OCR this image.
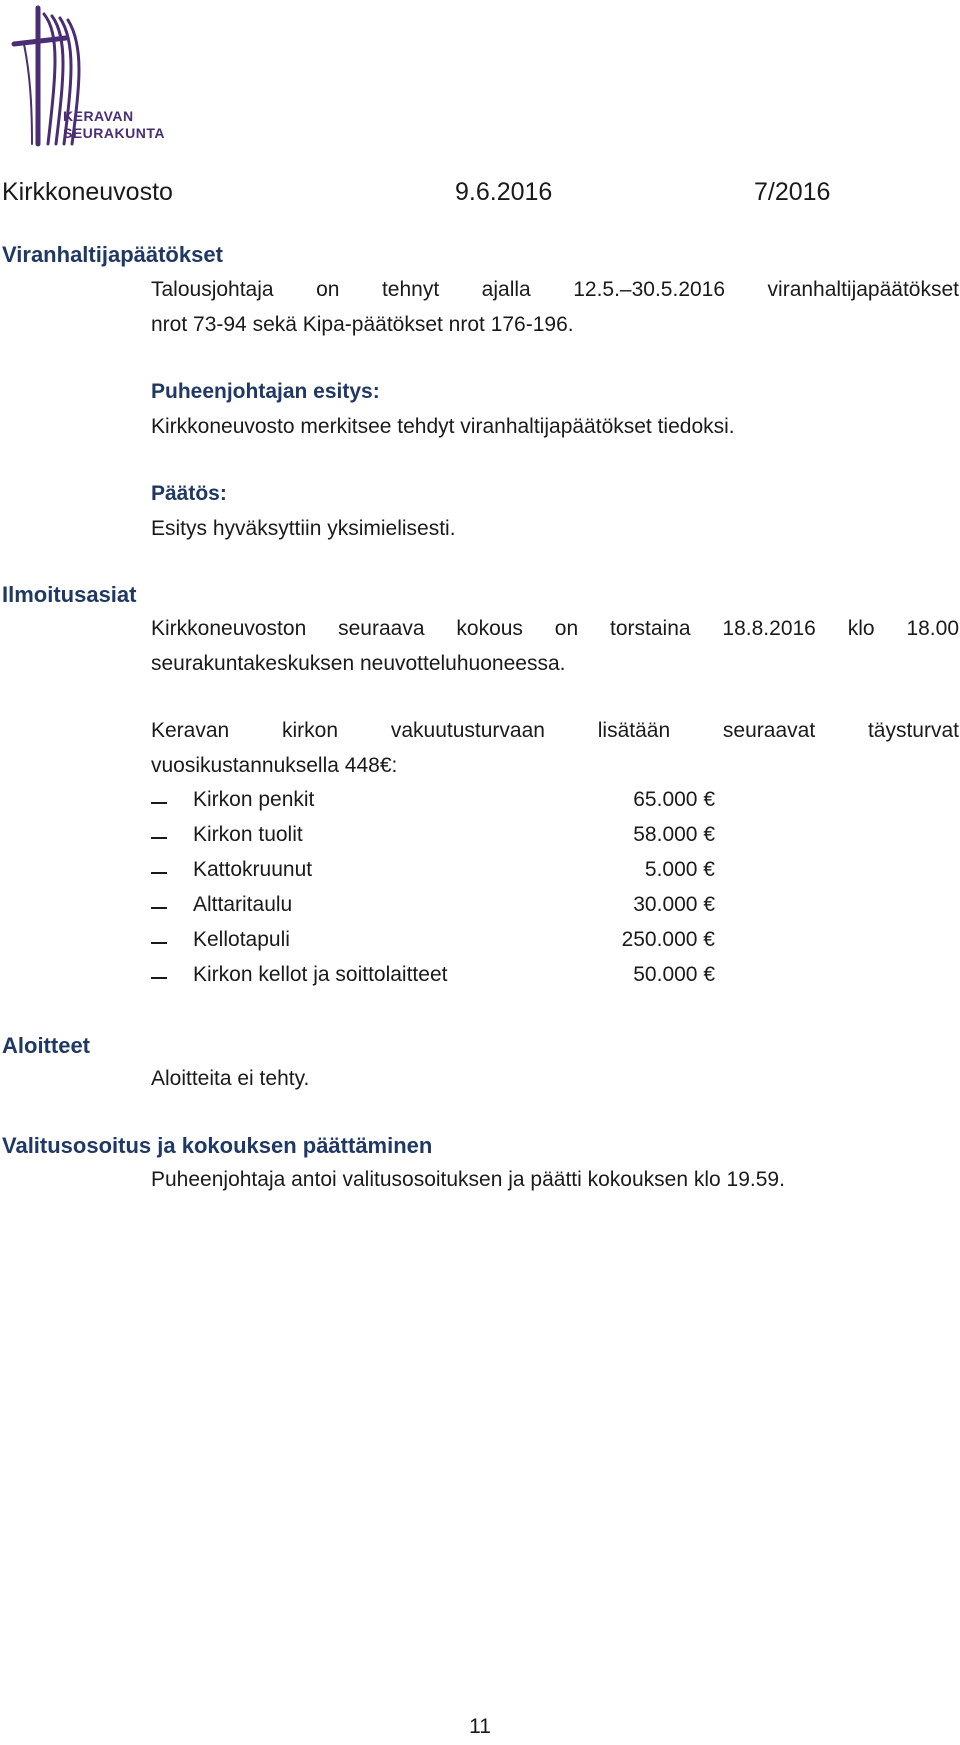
KERAVAN
SEURAKUNTA
Kirkkoneuvosto	9.6.2016	7/2016
Viranhaltijapäätökset
Talousjohtaja on tehnyt ajalla 12.5.–30.5.2016 viranhaltijapäätökset
nrot 73-94 sekä Kipa-päätökset nrot 176-196.
Puheenjohtajan esitys:
Kirkkoneuvosto merkitsee tehdyt viranhaltijapäätökset tiedoksi.
Päätös:
Esitys hyväksyttiin yksimielisesti.
Ilmoitusasiat
Kirkkoneuvoston seuraava kokous on torstaina 18.8.2016 klo 18.00
seurakuntakeskuksen neuvotteluhuoneessa.
Keravan kirkon vakuutusturvaan lisätään seuraavat täysturvat
vuosikustannuksella 448€:
Kirkon penkit	65.000 €
Kirkon tuolit	58.000 €
Kattokruunut	5.000 €
Alttaritaulu	30.000 €
Kellotapuli	250.000 €
Kirkon kellot ja soittolaitteet	50.000 €
Aloitteet
Aloitteita ei tehty.
Valitusosoitus ja kokouksen päättäminen
Puheenjohtaja antoi valitusosoituksen ja päätti kokouksen klo 19.59.
11
